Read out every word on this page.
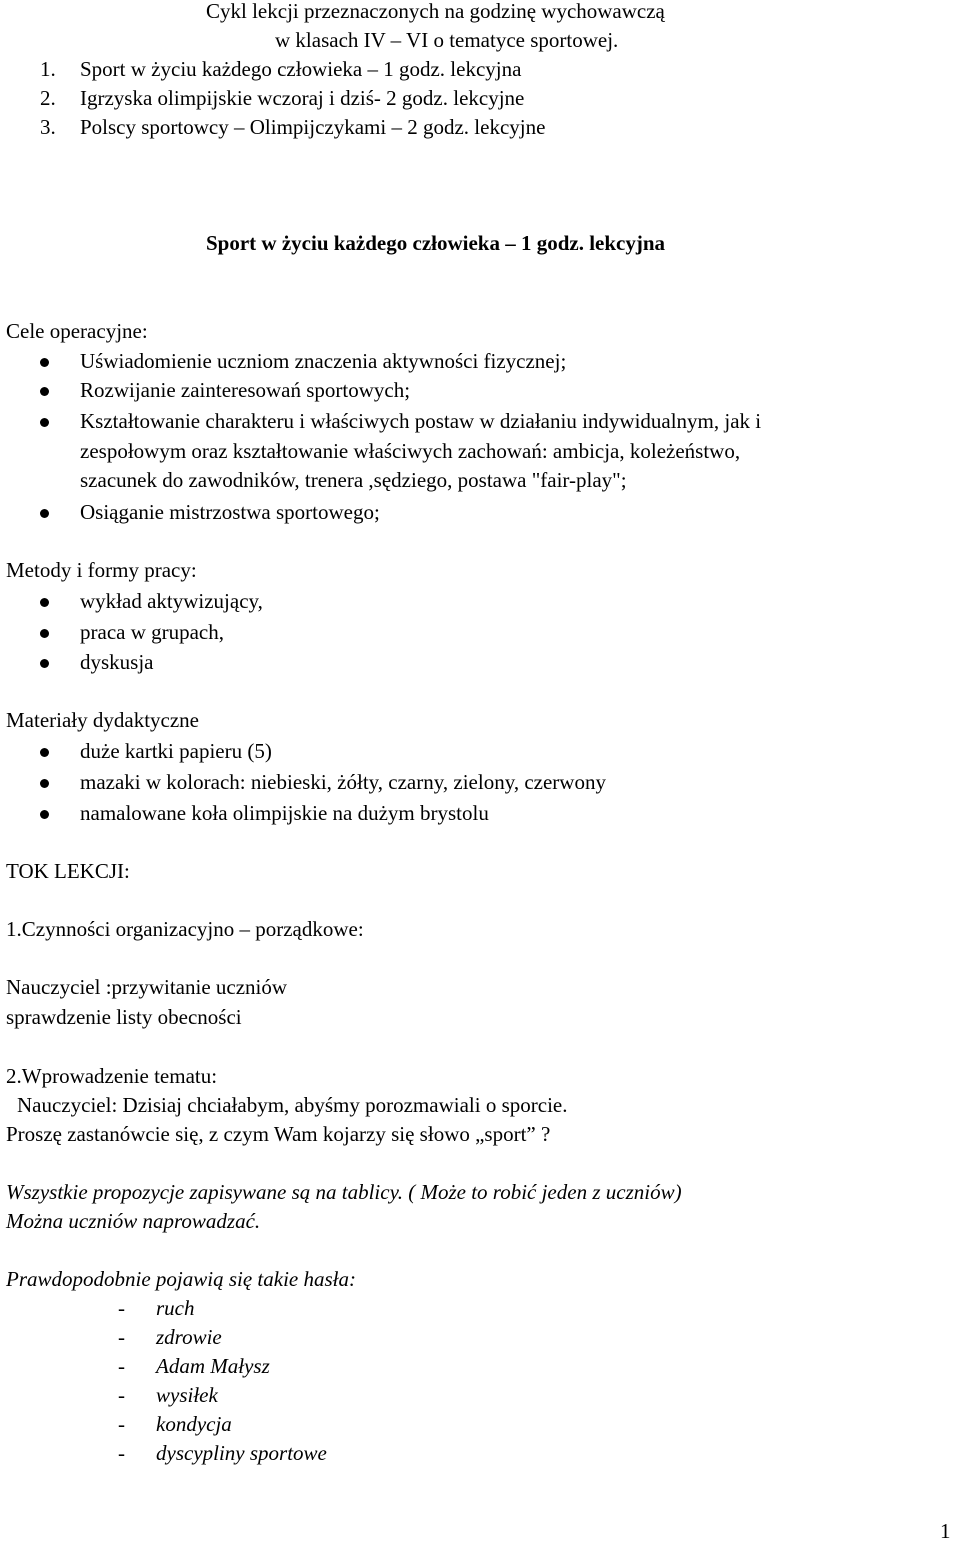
Cykl lekcji przeznaczonych na godzinę wychowawczą
w klasach IV – VI o tematyce sportowej.
1. Sport w życiu każdego człowieka – 1 godz. lekcyjna
2. Igrzyska olimpijskie wczoraj i dziś- 2 godz. lekcyjne
3. Polscy sportowcy – Olimpijczykami – 2 godz. lekcyjne
Sport w życiu każdego człowieka – 1 godz. lekcyjna
Cele operacyjne:
Uświadomienie uczniom znaczenia aktywności fizycznej;
Rozwijanie zainteresowań sportowych;
Kształtowanie charakteru i właściwych postaw w działaniu indywidualnym, jak i
zespołowym oraz kształtowanie właściwych zachowań: ambicja, koleżeństwo,
szacunek do zawodników, trenera ,sędziego, postawa "fair-play";
Osiąganie mistrzostwa sportowego;
Metody i formy pracy:
wykład aktywizujący,
praca w grupach,
dyskusja
Materiały dydaktyczne
duże kartki papieru (5)
mazaki w kolorach: niebieski, żółty, czarny, zielony, czerwony
namalowane koła olimpijskie na dużym brystolu
TOK LEKCJI:
1.Czynności organizacyjno – porządkowe:
Nauczyciel :przywitanie uczniów
sprawdzenie listy obecności
2.Wprowadzenie tematu:
Nauczyciel: Dzisiaj chciałabym, abyśmy porozmawiali o sporcie.
Proszę zastanówcie się, z czym Wam kojarzy się słowo „sport” ?
Wszystkie propozycje zapisywane są na tablicy. ( Może to robić jeden z uczniów)
Można uczniów naprowadzać.
Prawdopodobnie pojawią się takie hasła:
- ruch
- zdrowie
- Adam Małysz
- wysiłek
- kondycja
- dyscypliny sportowe
1
